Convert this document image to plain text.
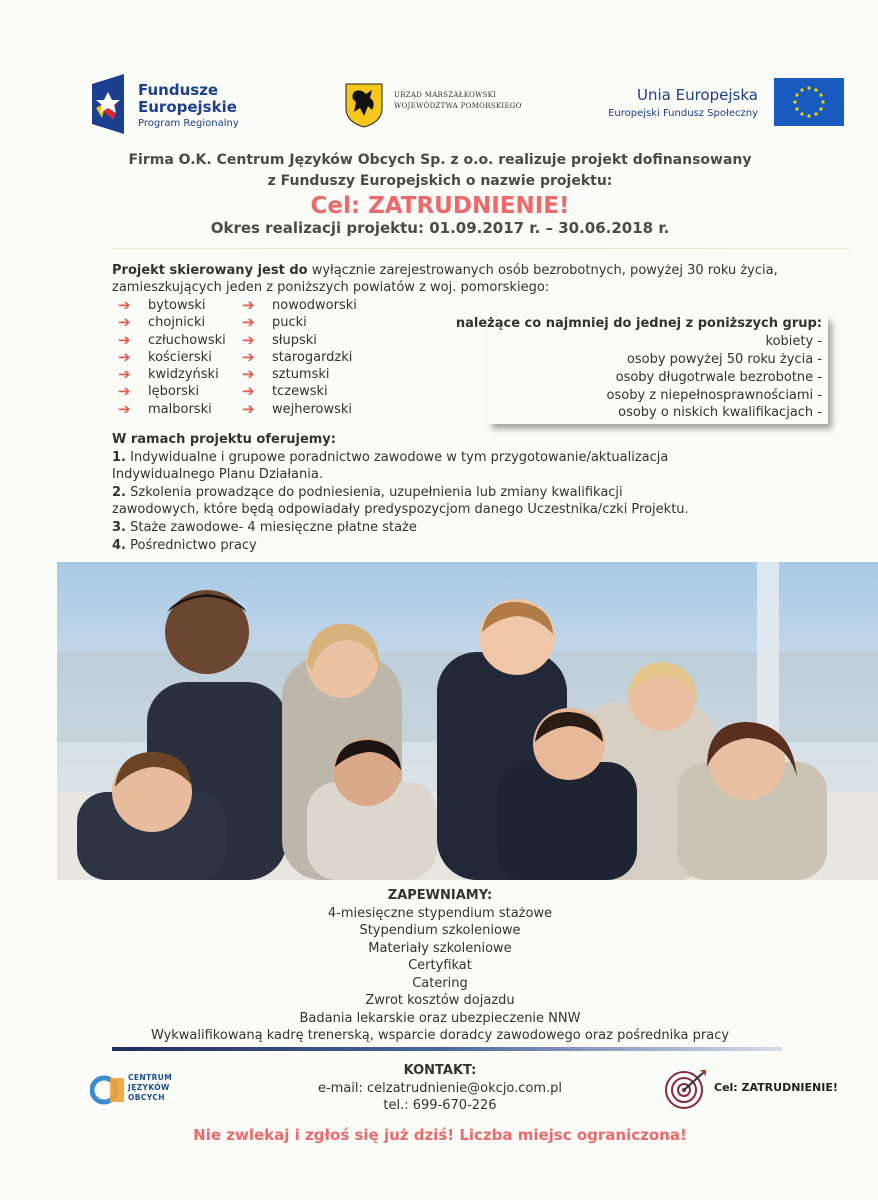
Fundusze
Europejskie
Program Regionalny
URZĄD MARSZAŁKOWSKI
WOJEWÓDZTWA POMORSKIEGO
Unia Europejska
Europejski Fundusz Społeczny
Firma O.K. Centrum Języków Obcych Sp. z o.o. realizuje projekt dofinansowany
z Funduszy Europejskich o nazwie projektu:
Cel: ZATRUDNIENIE!
Okres realizacji projektu: 01.09.2017 r. – 30.06.2018 r.
Projekt skierowany jest do wyłącznie zarejestrowanych osób bezrobotnych, powyżej 30 roku życia,
zamieszkujących jeden z poniższych powiatów z woj. pomorskiego:
➔	bytowski
➔	chojnicki
➔	człuchowski
➔	kościerski
➔	kwidzyński
➔	lęborski
➔	malborski
➔	nowodworski
➔	pucki
➔	słupski
➔	starogardzki
➔	sztumski
➔	tczewski
➔	wejherowski
należące co najmniej do jednej z poniższych grup:
kobiety -
osoby powyżej 50 roku życia -
osoby długotrwale bezrobotne -
osoby z niepełnosprawnościami -
osoby o niskich kwalifikacjach -
W ramach projektu oferujemy:
1. Indywidualne i grupowe poradnictwo zawodowe w tym przygotowanie/aktualizacja
Indywidualnego Planu Działania.
2. Szkolenia prowadzące do podniesienia, uzupełnienia lub zmiany kwalifikacji
zawodowych, które będą odpowiadały predyspozycjom danego Uczestnika/czki Projektu.
3. Staże zawodowe- 4 miesięczne płatne staże
4. Pośrednictwo pracy
ZAPEWNIAMY:
4-miesięczne stypendium stażowe
Stypendium szkoleniowe
Materiały szkoleniowe
Certyfikat
Catering
Zwrot kosztów dojazdu
Badania lekarskie oraz ubezpieczenie NNW
Wykwalifikowaną kadrę trenerską, wsparcie doradcy zawodowego oraz pośrednika pracy
KONTAKT:
e-mail: celzatrudnienie@okcjo.com.pl
tel.: 699-670-226
CENTRUM
JĘZYKÓW
OBCYCH
Cel: ZATRUDNIENIE!
Nie zwlekaj i zgłoś się już dziś! Liczba miejsc ograniczona!
